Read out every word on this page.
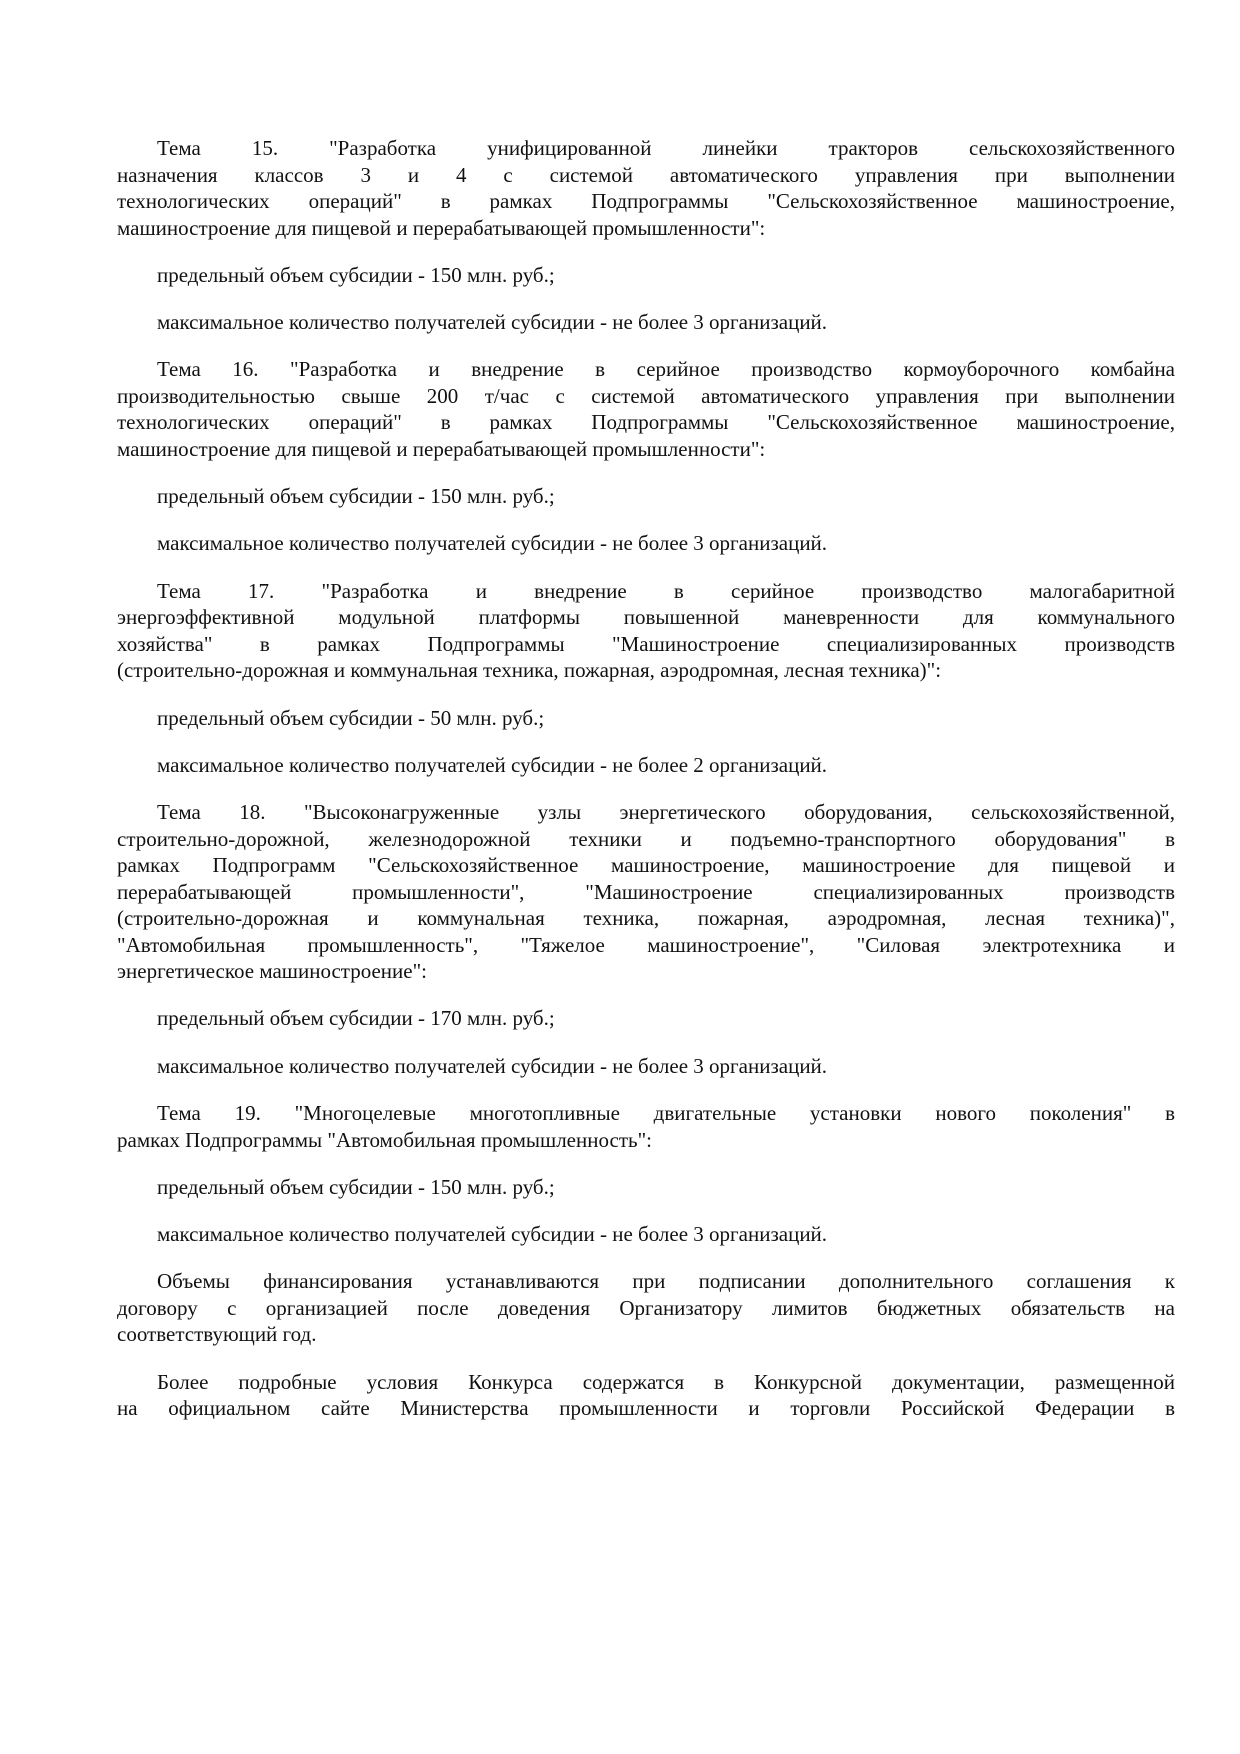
Тема 15. "Разработка унифицированной линейки тракторов сельскохозяйственного
назначения классов 3 и 4 с системой автоматического управления при выполнении
технологических операций" в рамках Подпрограммы "Сельскохозяйственное машиностроение,
машиностроение для пищевой и перерабатывающей промышленности":
предельный объем субсидии - 150 млн. руб.;
максимальное количество получателей субсидии - не более 3 организаций.
Тема 16. "Разработка и внедрение в серийное производство кормоуборочного комбайна
производительностью свыше 200 т/час с системой автоматического управления при выполнении
технологических операций" в рамках Подпрограммы "Сельскохозяйственное машиностроение,
машиностроение для пищевой и перерабатывающей промышленности":
предельный объем субсидии - 150 млн. руб.;
максимальное количество получателей субсидии - не более 3 организаций.
Тема 17. "Разработка и внедрение в серийное производство малогабаритной
энергоэффективной модульной платформы повышенной маневренности для коммунального
хозяйства" в рамках Подпрограммы "Машиностроение специализированных производств
(строительно-дорожная и коммунальная техника, пожарная, аэродромная, лесная техника)":
предельный объем субсидии - 50 млн. руб.;
максимальное количество получателей субсидии - не более 2 организаций.
Тема 18. "Высоконагруженные узлы энергетического оборудования, сельскохозяйственной,
строительно-дорожной, железнодорожной техники и подъемно-транспортного оборудования" в
рамках Подпрограмм "Сельскохозяйственное машиностроение, машиностроение для пищевой и
перерабатывающей промышленности", "Машиностроение специализированных производств
(строительно-дорожная и коммунальная техника, пожарная, аэродромная, лесная техника)",
"Автомобильная промышленность", "Тяжелое машиностроение", "Силовая электротехника и
энергетическое машиностроение":
предельный объем субсидии - 170 млн. руб.;
максимальное количество получателей субсидии - не более 3 организаций.
Тема 19. "Многоцелевые многотопливные двигательные установки нового поколения" в
рамках Подпрограммы "Автомобильная промышленность":
предельный объем субсидии - 150 млн. руб.;
максимальное количество получателей субсидии - не более 3 организаций.
Объемы финансирования устанавливаются при подписании дополнительного соглашения к
договору с организацией после доведения Организатору лимитов бюджетных обязательств на
соответствующий год.
Более подробные условия Конкурса содержатся в Конкурсной документации, размещенной
на официальном сайте Министерства промышленности и торговли Российской Федерации в
